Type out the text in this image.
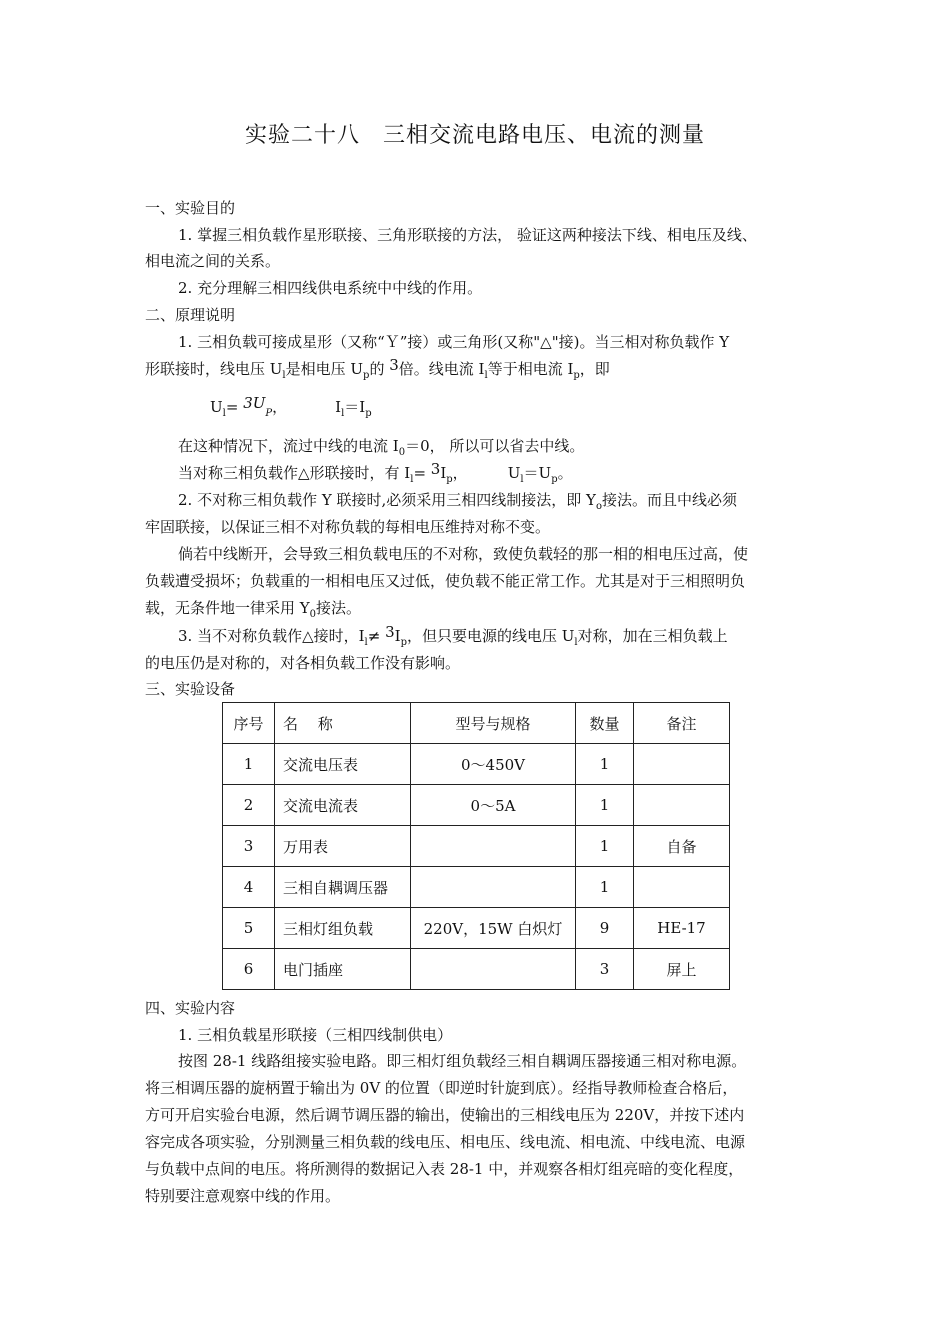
实验二十八　三相交流电路电压、电流的测量
一、实验目的
1. 掌握三相负载作星形联接、三角形联接的方法， 验证这两种接法下线、相电压及线、
相电流之间的关系。
2. 充分理解三相四线供电系统中中线的作用。
二、原理说明
1. 三相负载可接成星形（又称“Ｙ”接）或三角形(又称"△"接)。当三相对称负载作 Y
形联接时，线电压 $U_l$是相电压 $U_p$的 3倍。线电流 $I_l$等于相电流 $I_p$，即
$U_l= 3U_P$，	$I_l=I_p$
在这种情况下，流过中线的电流 $I_0=0$， 所以可以省去中线。
当对称三相负载作△形联接时，有 $I_l= 3I_p$，	$U_l=U_p$。
2. 不对称三相负载作 Y 联接时,必须采用三相四线制接法，即 $Y_o$接法。而且中线必须
牢固联接，以保证三相不对称负载的每相电压维持对称不变。
倘若中线断开，会导致三相负载电压的不对称，致使负载轻的那一相的相电压过高，使
负载遭受损坏；负载重的一相相电压又过低，使负载不能正常工作。尤其是对于三相照明负
载，无条件地一律采用 $Y_0$接法。
3. 当不对称负载作△接时，$I_l\ne 3I_p$，但只要电源的线电压 $U_l$对称，加在三相负载上
的电压仍是对称的，对各相负载工作没有影响。
三、实验设备
序号	名　 称	型号与规格	数量	备注
1	交流电压表	0～450V	1	
2	交流电流表	0～5A	1	
3	万用表		1	自备
4	三相自耦调压器		1	
5	三相灯组负载	220V，15W 白炽灯	9	HE-17
6	电门插座		3	屏上
四、实验内容
1. 三相负载星形联接（三相四线制供电）
按图 28-1 线路组接实验电路。即三相灯组负载经三相自耦调压器接通三相对称电源。
将三相调压器的旋柄置于输出为 0V 的位置（即逆时针旋到底）。经指导教师检查合格后，
方可开启实验台电源，然后调节调压器的输出，使输出的三相线电压为 220V，并按下述内
容完成各项实验，分别测量三相负载的线电压、相电压、线电流、相电流、中线电流、电源
与负载中点间的电压。将所测得的数据记入表 28-1 中，并观察各相灯组亮暗的变化程度，
特别要注意观察中线的作用。
